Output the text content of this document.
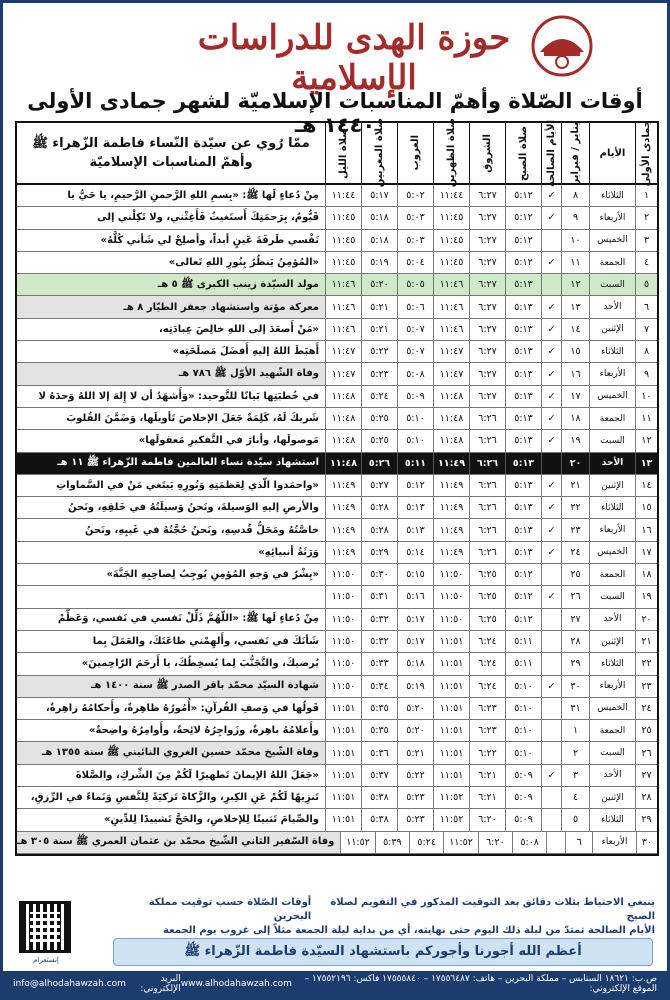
حوزة الهدى للدراسات الإسلامية
أوقات الصّلاة وأهمّ المناسبات الإسلاميّة لشهر جمادى الأولى ١٤٤٠ هـ	جمادى الأولى
الأيام
يناير / فبراير
الأيام الصالحة
صلاة الصبح
الشروق
صلاة الظهرين
الغروب
صلاة المغربين
صلاة الليل
ممّا رُوي عن سيّدة النّساء فاطمة الزّهراء ﷺ
وأهمّ المناسبات الإسلاميّة
١
الثلاثاء
٨
✓
٥:١٢
٦:٢٧
١١:٤٤
٥:٠٢
٥:١٧
١١:٤٤
مِنْ دُعاءٍ لَها ﷺ: «بِسمِ اللهِ الرَّحمنِ الرَّحيمِ، يا حَيُّ يا
٢
الأربعاء
٩
✓
٥:١٢
٦:٢٧
١١:٤٥
٥:٠٣
٥:١٨
١١:٤٥
قَيُّومُ، بِرَحمَتِكَ أَستَغيثُ فَأَغِثْني، ولا تَكِلْني إلى
٣
الخميس
١٠
٥:١٢
٦:٢٧
١١:٤٥
٥:٠٣
٥:١٨
١١:٤٥
نَفْسي طَرفَةَ عَينٍ أبداً، وأصلِحْ لي شَأني كُلَّهُ»
٤
الجمعة
١١
✓
٥:١٢
٦:٢٧
١١:٤٥
٥:٠٤
٥:١٩
١١:٤٥
«المُؤمِنُ يَنظُرُ بِنُورِ اللهِ تَعالى»
٥
السبت
١٢
٥:١٣
٦:٢٧
١١:٤٦
٥:٠٥
٥:٢٠
١١:٤٦
مولد السيّدة زينب الكبرى ﷺ ٥ هـ
٦
الأحد
١٣
✓
٥:١٣
٦:٢٧
١١:٤٦
٥:٠٦
٥:٢١
١١:٤٦
معركة مؤتة واستشهاد جعفر الطيّار ٨ هـ
٧
الإثنين
١٤
✓
٥:١٣
٦:٢٧
١١:٤٦
٥:٠٧
٥:٢١
١١:٤٦
«مَنْ أَصعَدَ إلى اللهِ خالِصَ عِبادَتِه،
٨
الثلاثاء
١٥
✓
٥:١٣
٦:٢٧
١١:٤٧
٥:٠٧
٥:٢٢
١١:٤٧
أَهبَطَ اللهُ إليهِ أَفضَلَ مَصلَحَتِه»
٩
الأربعاء
١٦
✓
٥:١٣
٦:٢٧
١١:٤٧
٥:٠٨
٥:٢٣
١١:٤٧
وفاة الشّهيد الأوّل ﷺ ٧٨٦ هـ
١٠
الخميس
١٧
✓
٥:١٣
٦:٢٧
١١:٤٨
٥:٠٩
٥:٢٤
١١:٤٨
في خُطبَتِها بَيانًا للتَّوحيد: «وَأَشهَدُ أن لا إِلهَ إلا اللهُ وَحدَهُ لا
١١
الجمعة
١٨
✓
٥:١٣
٦:٢٦
١١:٤٨
٥:١٠
٥:٢٥
١١:٤٨
شَريكَ لَهُ، كَلِمَةٌ جَعَلَ الإخلاصَ تَأويلَها، وَضَمَّنَ القُلوبَ
١٢
السبت
١٩
✓
٥:١٣
٦:٢٦
١١:٤٨
٥:١٠
٥:٢٥
١١:٤٨
مَوصولَها، وأنارَ في التَّفكيرِ مَعقولَها»
١٣
الأحد
٢٠
٥:١٣
٦:٢٦
١١:٤٩
٥:١١
٥:٢٦
١١:٤٨
استشهاد سيّدة نساء العالمين فاطمة الزّهراء ﷺ ١١ هـ
١٤
الإثنين
٢١
✓
٥:١٣
٦:٢٦
١١:٤٩
٥:١٢
٥:٢٧
١١:٤٩
«واحمَدوا الّذي لِعَظمَتِهِ وَنُورِهِ يَبتَغي مَنْ في السَّماواتِ
١٥
الثلاثاء
٢٢
✓
٥:١٣
٦:٢٦
١١:٤٩
٥:١٣
٥:٢٨
١١:٤٩
والأرضِ إليهِ الوَسيلةَ، ونَحنُ وَسيلَتُهُ في خَلقِهِ، ونَحنُ
١٦
الأربعاء
٢٣
✓
٥:١٣
٦:٢٦
١١:٤٩
٥:١٣
٥:٢٨
١١:٤٩
خاصَّتُهُ ومَحَلُّ قُدسِهِ، ونَحنُ حُجَّتُهُ في غَيبِهِ، ونَحنُ
١٧
الخميس
٢٤
✓
٥:١٣
٦:٢٦
١١:٤٩
٥:١٤
٥:٢٩
١١:٤٩
وَرَثَةُ أنبيائِهِ»
١٨
الجمعة
٢٥
٥:١٢
٦:٢٥
١١:٥٠
٥:١٥
٥:٣٠
١١:٥٠
«بِشْرٌ في وَجهِ المُؤمِنِ يُوجِبُ لِصاحِبِهِ الجَنَّةَ»
١٩
السبت
٢٦
✓
٥:١٢
٦:٢٥
١١:٥٠
٥:١٦
٥:٣١
١١:٥٠
٢٠
الأحد
٢٧
٥:١٢
٦:٢٥
١١:٥٠
٥:١٧
٥:٣٢
١١:٥٠
مِنْ دُعاءٍ لَها ﷺ: «اللّهُمَّ ذَلِّلْ نَفسي في نَفسي، وَعَظِّمْ
٢١
الإثنين
٢٨
٥:١١
٦:٢٤
١١:٥١
٥:١٧
٥:٣٢
١١:٥٠
شَأنَكَ في نَفسي، وأَلهِمْني طاعَتَكَ، والعَمَلَ بِما
٢٢
الثلاثاء
٢٩
٥:١١
٦:٢٤
١١:٥١
٥:١٨
٥:٣٣
١١:٥٠
يُرضيكَ، والتَّجَنُّبَ لِما يُسخِطُكَ، يا أَرحَمَ الرّاحِمينَ»
٢٣
الأربعاء
٣٠
✓
٥:١٠
٦:٢٤
١١:٥١
٥:١٩
٥:٣٤
١١:٥٠
شهادة السيّد محمّد باقر الصدر ﷺ سنة ١٤٠٠ هـ
٢٤
الخميس
٣١
٥:١٠
٦:٢٣
١١:٥١
٥:٢٠
٥:٣٥
١١:٥١
قَولُها في وَصفِ القُرآنِ: «أُمُورُهُ ظاهِرةٌ، وأَحكامُهُ زاهِرةٌ،
٢٥
الجمعة
١
٥:١٠
٦:٢٣
١١:٥١
٥:٢٠
٥:٣٥
١١:٥١
وأَعلامُهُ باهِرةٌ، وزَواجِرُهُ لائِحةٌ، وأَوامِرُهُ واضِحةٌ»
٢٦
السبت
٢
٥:١٠
٦:٢٢
١١:٥١
٥:٢١
٥:٣٦
١١:٥١
وفاة الشّيخ محمّد حسين الغروي النائيني ﷺ سنة ١٣٥٥ هـ
٢٧
الأحد
٣
✓
٥:٠٩
٦:٢١
١١:٥١
٥:٢٢
٥:٣٧
١١:٥١
«جَعَلَ اللهُ الإيمانَ تَطهيرًا لَكُمْ مِنَ الشِّركِ، والصَّلاةَ
٢٨
الإثنين
٤
٥:٠٩
٦:٢١
١١:٥٢
٥:٢٣
٥:٣٨
١١:٥١
تَنزِيهًا لَكُمْ عَنِ الكِبرِ، والزَّكاةَ تَزكيَةً لِلنَّفسِ وَنَماءً في الرِّزقِ،
٢٩
الثلاثاء
٥
٥:٠٩
٦:٢٠
١١:٥٢
٥:٢٣
٥:٣٨
١١:٥١
والصِّيامَ تَثبيتًا لِلإخلاصِ، والحَجَّ تَشييدًا لِلدِّينِ»
٣٠
الأربعاء
٦
٥:٠٨
٦:٢٠
١١:٥٢
٥:٢٤
٥:٣٩
١١:٥٢
وفاة السّفير الثاني الشّيخ محمّد بن عثمان العمري ﷺ سنة ٣٠٥ هـ
ينبغي الاحتياط بثلاث دقائق بعد التوقيت المذكور في التقويم لصلاة الصبح
أوقات الصّلاة حسب توقيت مملكة البحرين
الأيام الصالحة تمتدّ من ليلة ذلك اليوم حتى نهايته، أي من بداية ليلة الجمعة مثلاً إلى غروب يوم الجمعة
إنستغرام
أعظم الله أجورنا وأجوركم باستشهاد السيّدة فاطمة الزّهراء ﷺ
ص.ب: ١٨٦٢١ السنابس – مملكة البحرين – هاتف: ١٧٥٥٦٤٨٧ – ١٧٥٥٥٨٤٠ فاكس: ١٧٥٥٢١٩٦ – الموقع الإلكتروني:
www.alhodahawzah.com
البريد الإلكتروني:
info@alhodahawzah.com
